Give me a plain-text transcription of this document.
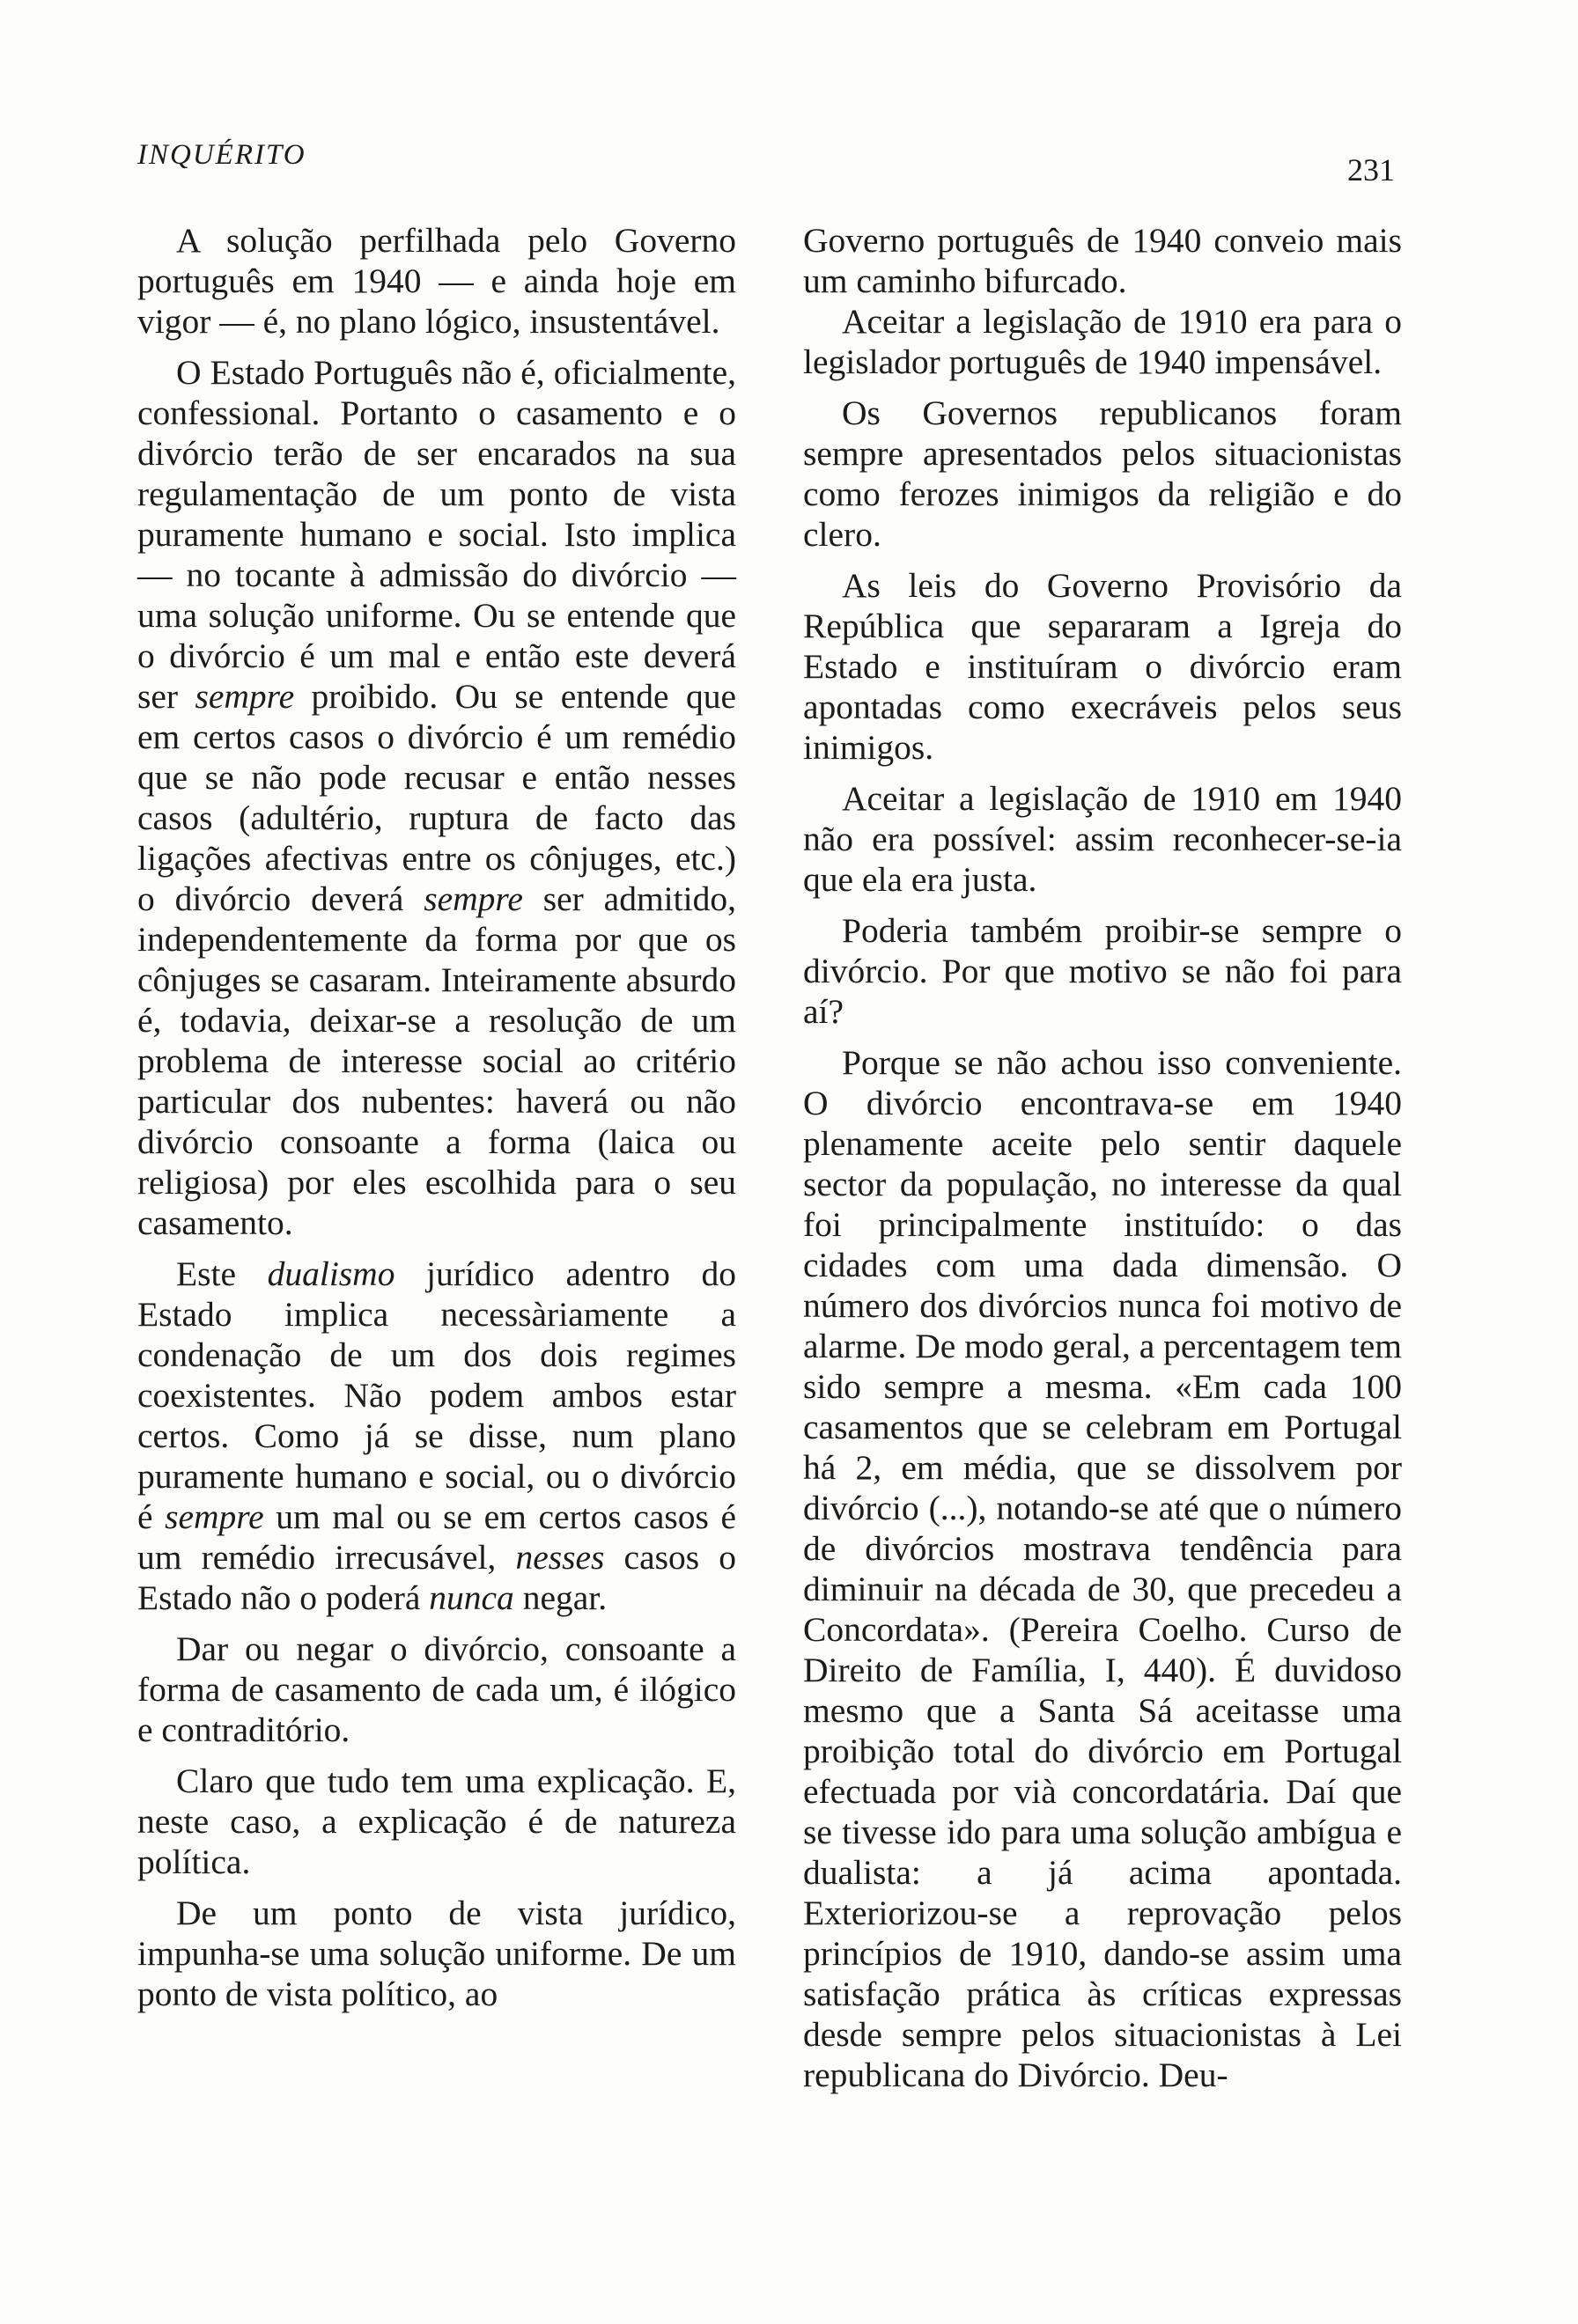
INQUÉRITO	231

A solução perfilhada pelo Governo português em 1940 — e ainda hoje em vigor — é, no plano lógico, insustentável.

O Estado Português não é, oficialmente, confessional. Portanto o casamento e o divórcio terão de ser encarados na sua regulamentação de um ponto de vista puramente humano e social. Isto implica — no tocante à admissão do divórcio — uma solução uniforme. Ou se entende que o divórcio é um mal e então este deverá ser sempre proibido. Ou se entende que em certos casos o divórcio é um remédio que se não pode recusar e então nesses casos (adultério, ruptura de facto das ligações afectivas entre os cônjuges, etc.) o divórcio deverá sempre ser admitido, independentemente da forma por que os cônjuges se casaram. Inteiramente absurdo é, todavia, deixar-se a resolução de um problema de interesse social ao critério particular dos nubentes: haverá ou não divórcio consoante a forma (laica ou religiosa) por eles escolhida para o seu casamento.

Este dualismo jurídico adentro do Estado implica necessàriamente a condenação de um dos dois regimes coexistentes. Não podem ambos estar certos. Como já se disse, num plano puramente humano e social, ou o divórcio é sempre um mal ou se em certos casos é um remédio irrecusável, nesses casos o Estado não o poderá nunca negar.

Dar ou negar o divórcio, consoante a forma de casamento de cada um, é ilógico e contraditório.

Claro que tudo tem uma explicação. E, neste caso, a explicação é de natureza política.

De um ponto de vista jurídico, impunha-se uma solução uniforme. De um ponto de vista político, ao

Governo português de 1940 conveio mais um caminho bifurcado.

Aceitar a legislação de 1910 era para o legislador português de 1940 impensável.

Os Governos republicanos foram sempre apresentados pelos situacionistas como ferozes inimigos da religião e do clero.

As leis do Governo Provisório da República que separaram a Igreja do Estado e instituíram o divórcio eram apontadas como execráveis pelos seus inimigos.

Aceitar a legislação de 1910 em 1940 não era possível: assim reconhecer-se-ia que ela era justa.

Poderia também proibir-se sempre o divórcio. Por que motivo se não foi para aí?

Porque se não achou isso conveniente. O divórcio encontrava-se em 1940 plenamente aceite pelo sentir daquele sector da população, no interesse da qual foi principalmente instituído: o das cidades com uma dada dimensão. O número dos divórcios nunca foi motivo de alarme. De modo geral, a percentagem tem sido sempre a mesma. «Em cada 100 casamentos que se celebram em Portugal há 2, em média, que se dissolvem por divórcio (...), notando-se até que o número de divórcios mostrava tendência para diminuir na década de 30, que precedeu a Concordata». (Pereira Coelho. Curso de Direito de Família, I, 440). É duvidoso mesmo que a Santa Sá aceitasse uma proibição total do divórcio em Portugal efectuada por vià concordatária. Daí que se tivesse ido para uma solução ambígua e dualista: a já acima apontada. Exteriorizou-se a reprovação pelos princípios de 1910, dando-se assim uma satisfação prática às críticas expressas desde sempre pelos situacionistas à Lei republicana do Divórcio. Deu-
